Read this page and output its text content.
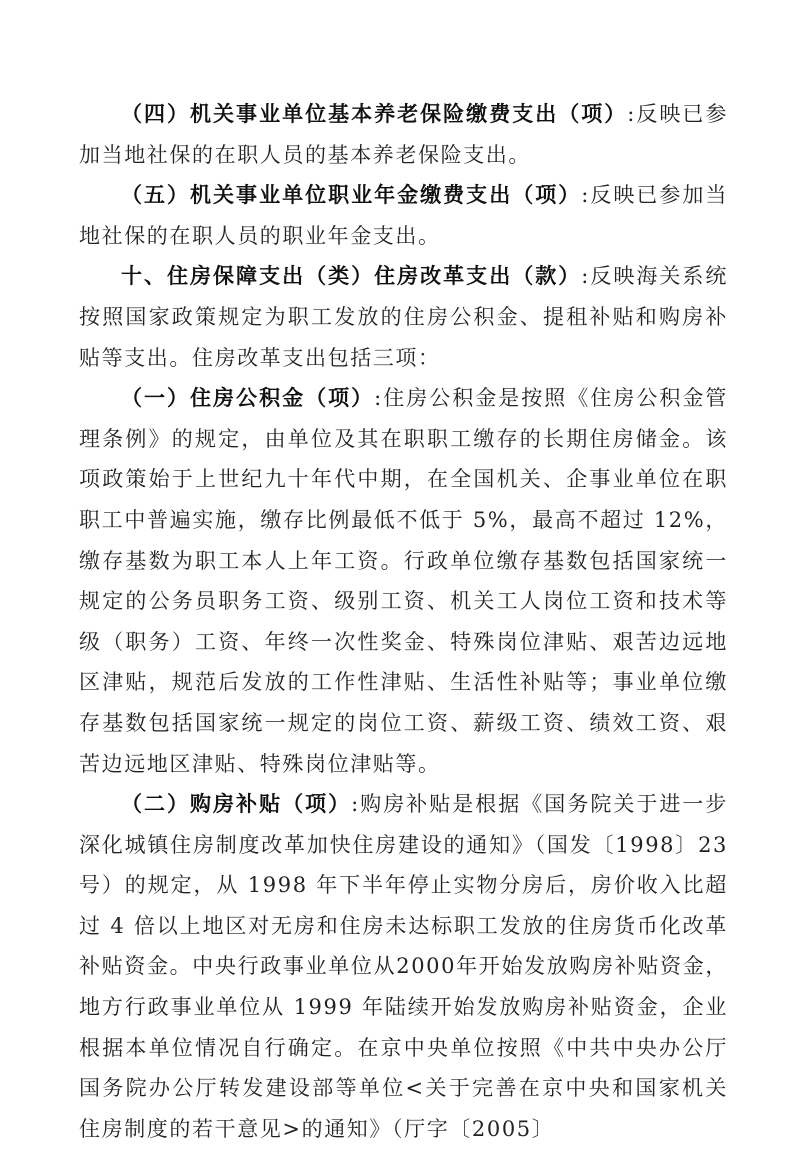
（四）机关事业单位基本养老保险缴费支出（项）:反映已参加当地社保的在职人员的基本养老保险支出。

（五）机关事业单位职业年金缴费支出（项）:反映已参加当地社保的在职人员的职业年金支出。

十、住房保障支出（类）住房改革支出（款）:反映海关系统按照国家政策规定为职工发放的住房公积金、提租补贴和购房补贴等支出。住房改革支出包括三项：

（一）住房公积金（项）:住房公积金是按照《住房公积金管理条例》的规定，由单位及其在职职工缴存的长期住房储金。该项政策始于上世纪九十年代中期，在全国机关、企事业单位在职职工中普遍实施，缴存比例最低不低于 5%，最高不超过 12%，缴存基数为职工本人上年工资。行政单位缴存基数包括国家统一规定的公务员职务工资、级别工资、机关工人岗位工资和技术等级（职务）工资、年终一次性奖金、特殊岗位津贴、艰苦边远地区津贴，规范后发放的工作性津贴、生活性补贴等；事业单位缴存基数包括国家统一规定的岗位工资、薪级工资、绩效工资、艰苦边远地区津贴、特殊岗位津贴等。

（二）购房补贴（项）:购房补贴是根据《国务院关于进一步深化城镇住房制度改革加快住房建设的通知》（国发〔1998〕23 号）的规定，从 1998 年下半年停止实物分房后，房价收入比超过 4 倍以上地区对无房和住房未达标职工发放的住房货币化改革补贴资金。中央行政事业单位从2000年开始发放购房补贴资金，地方行政事业单位从 1999 年陆续开始发放购房补贴资金，企业根据本单位情况自行确定。在京中央单位按照《中共中央办公厅国务院办公厅转发建设部等单位<关于完善在京中央和国家机关住房制度的若干意见>的通知》（厅字〔2005〕
